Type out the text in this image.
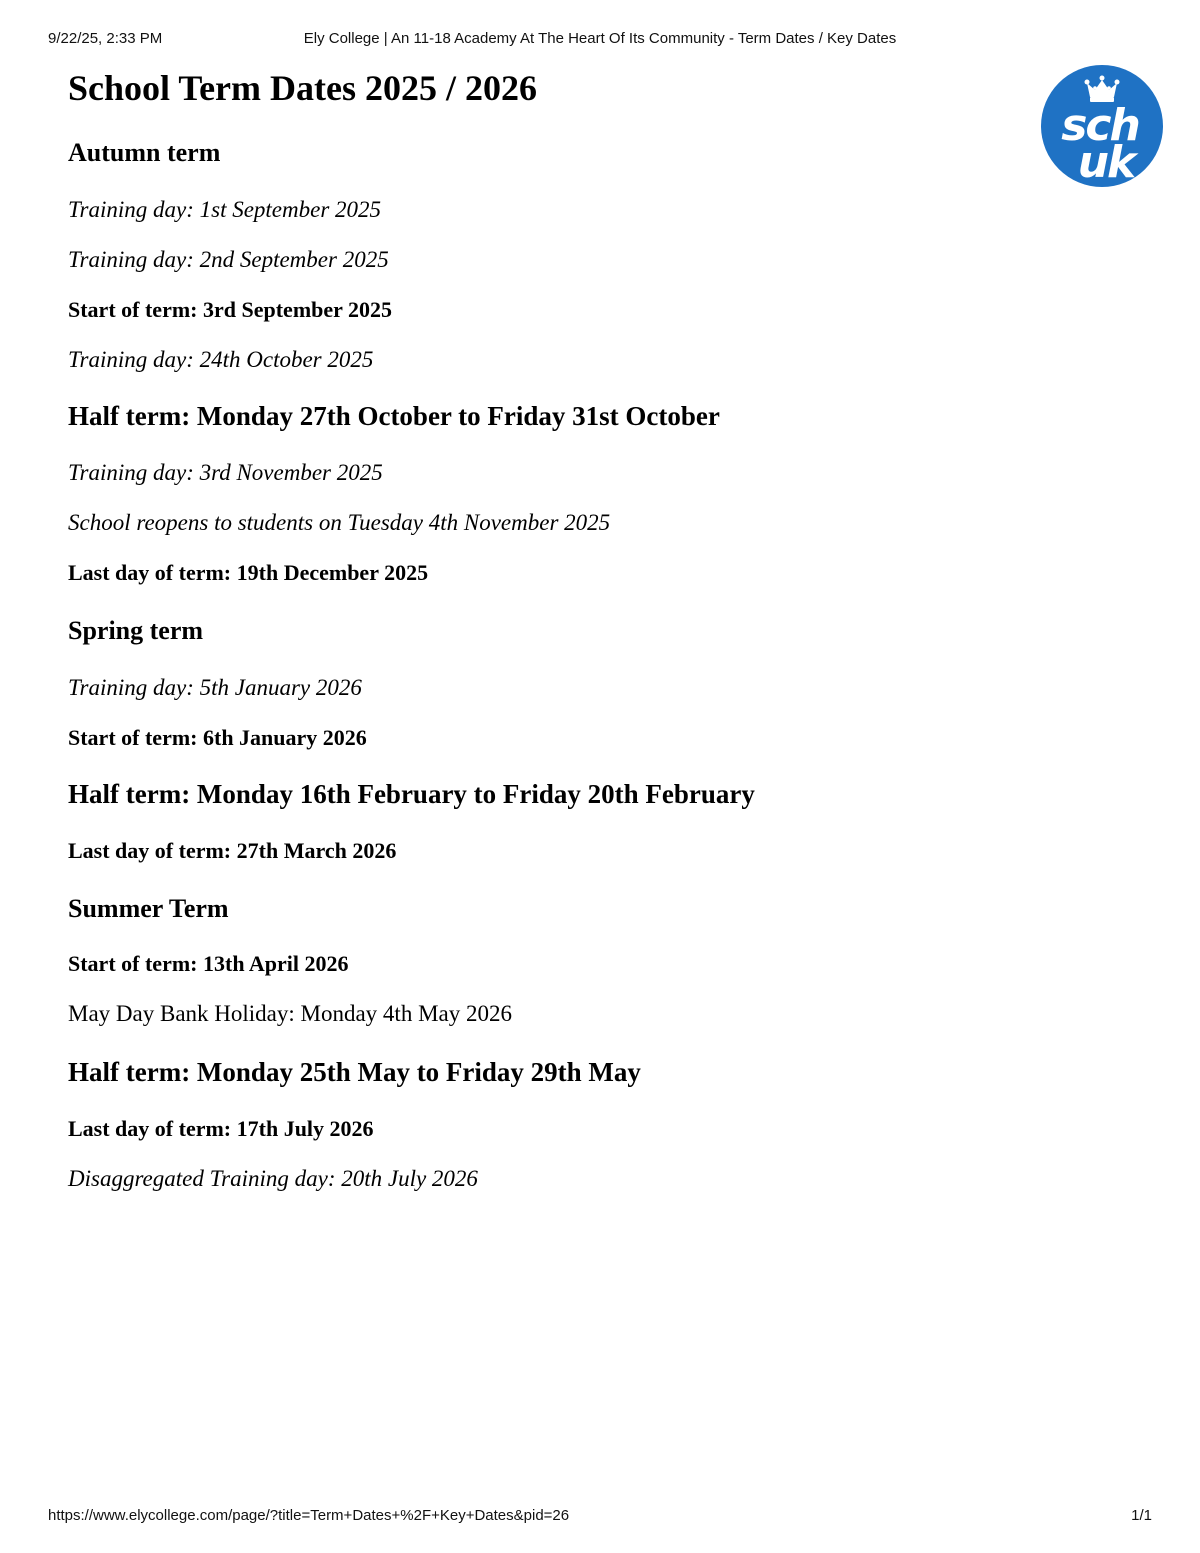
9/22/25, 2:33 PM	Ely College | An 11-18 Academy At The Heart Of Its Community - Term Dates / Key Dates
sch
uk
School Term Dates 2025 / 2026
Autumn term
Training day: 1st September 2025
Training day: 2nd September 2025
Start of term: 3rd September 2025
Training day: 24th October 2025
Half term: Monday 27th October to Friday 31st October
Training day: 3rd November 2025
School reopens to students on Tuesday 4th November 2025
Last day of term: 19th December 2025
Spring term
Training day: 5th January 2026
Start of term: 6th January 2026
Half term: Monday 16th February to Friday 20th February
Last day of term: 27th March 2026
Summer Term
Start of term: 13th April 2026
May Day Bank Holiday: Monday 4th May 2026
Half term: Monday 25th May to Friday 29th May
Last day of term: 17th July 2026
Disaggregated Training day: 20th July 2026
https://www.elycollege.com/page/?title=Term+Dates+%2F+Key+Dates&pid=26	1/1
